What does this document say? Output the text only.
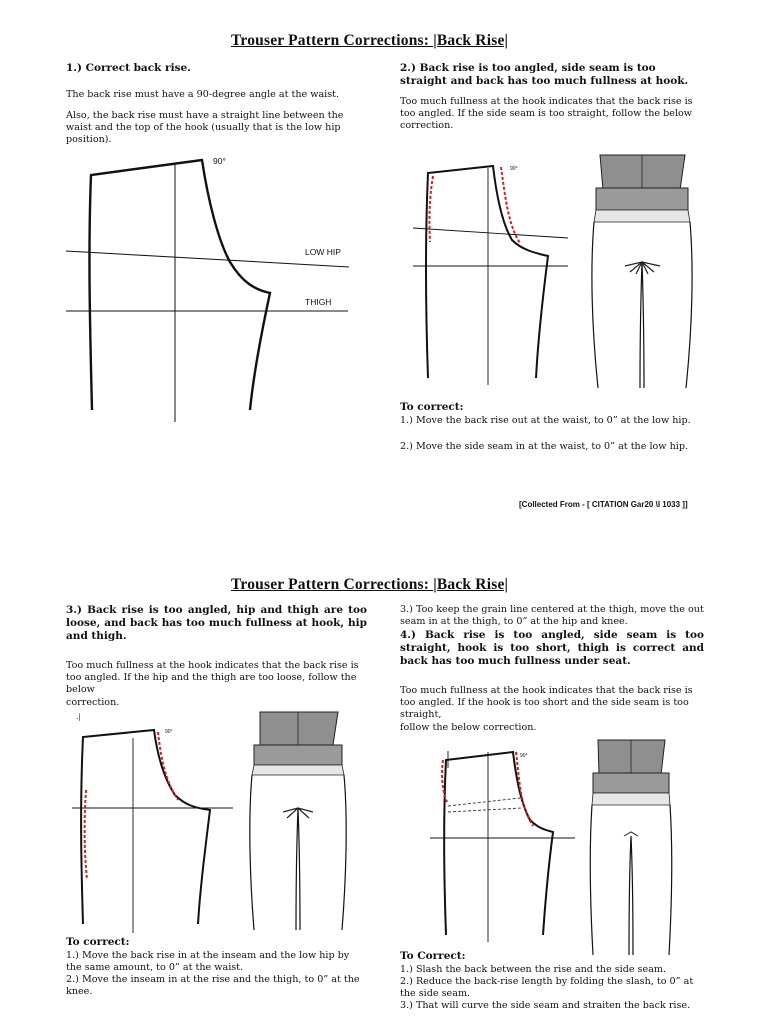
Trouser Pattern Corrections: |Back Rise|
1.) Correct back rise.
The back rise must have a 90-degree angle at the waist.
Also, the back rise must have a straight line between the waist and the top of the hook (usually that is the low hip position).
90°
LOW HIP
THIGH
2.) Back rise is too angled, side seam is too straight and back has too much fullness at hook.
Too much fullness at the hook indicates that the back rise is too angled. If the side seam is too straight, follow the below correction.
90°
To correct:
1.) Move the back rise out at the waist, to 0” at the low hip.
2.) Move the side seam in at the waist, to 0” at the low hip.
[Collected From - [ CITATION Gar20 \l 1033 ]]
Trouser Pattern Corrections: |Back Rise|
3.) Back rise is too angled, hip and thigh are too loose, and back has too much fullness at hook, hip and thigh.
Too much fullness at the hook indicates that the back rise is too angled. If the hip and the thigh are too loose, follow the below
correction.
.|
90°
To correct:
1.) Move the back rise in at the inseam and the low hip by the same amount, to 0” at the waist.
2.) Move the inseam in at the rise and the thigh, to 0” at the knee.
3.) Too keep the grain line centered at the thigh, move the out seam in at the thigh, to 0” at the hip and knee.
4.) Back rise is too angled, side seam is too straight, hook is too short, thigh is correct and back has too much fullness under seat.
Too much fullness at the hook indicates that the back rise is too angled. If the hook is too short and the side seam is too straight,
follow the below correction.
90°
To Correct:
1.) Slash the back between the rise and the side seam.
2.) Reduce the back-rise length by folding the slash, to 0” at the side seam.
3.) That will curve the side seam and straiten the back rise.
